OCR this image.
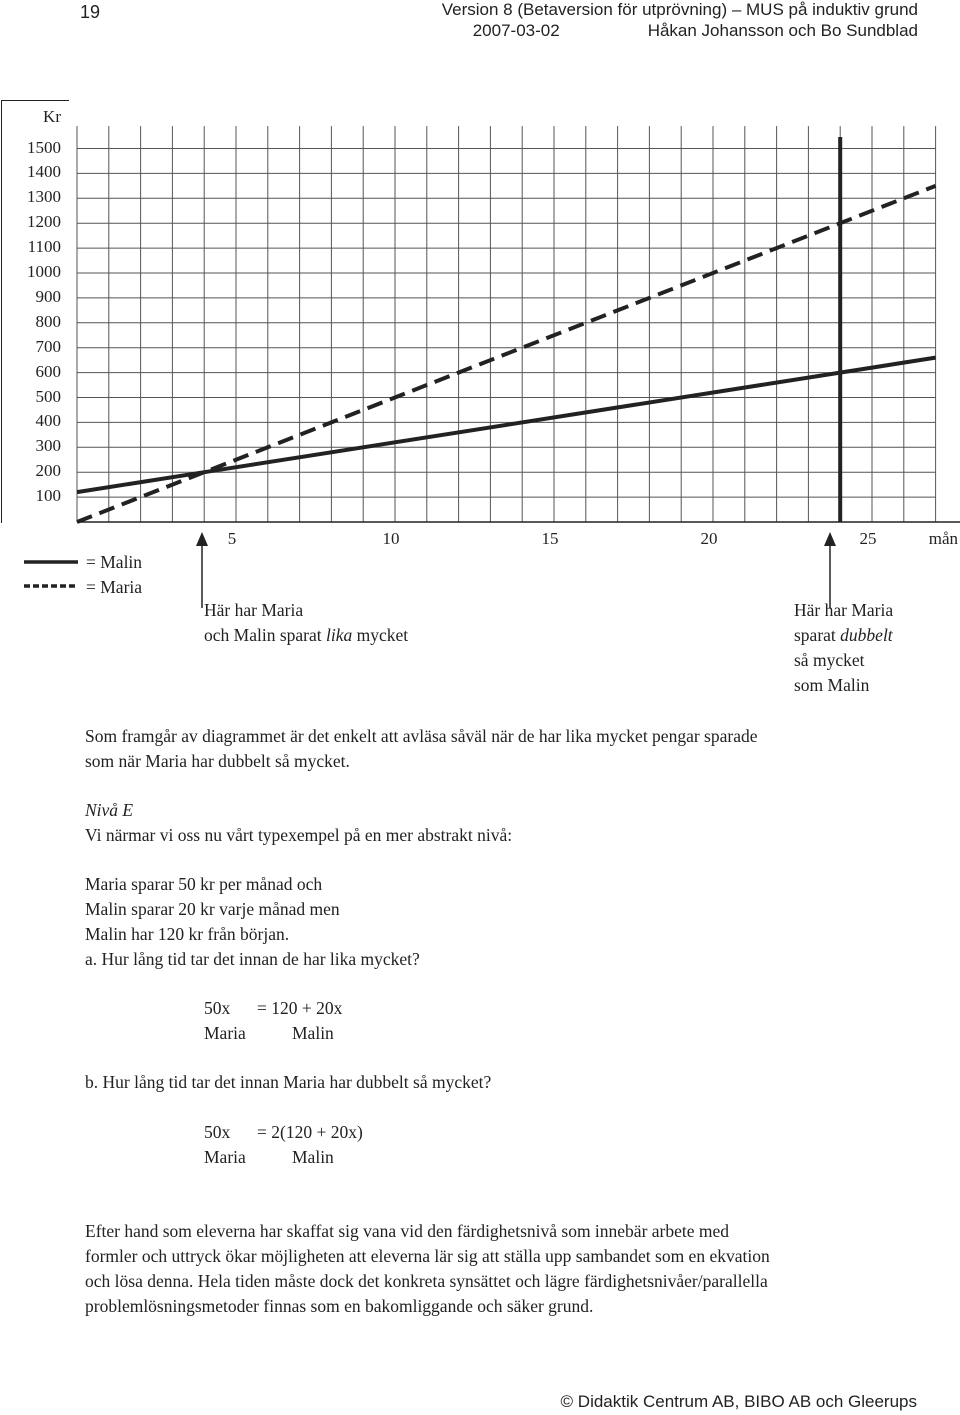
19	Version 8 (Betaversion för utprövning) – MUS på induktiv grund
2007-03-02	Håkan Johansson och Bo Sundblad
Kr
1500
1400
1300
1200
1100
1000
900
800
700
600
500
400
300
200
100
5	10	15	20	25	mån
= Malin
= Maria
Här har Maria
och Malin sparat lika mycket
Här har Maria
sparat dubbelt
så mycket
som Malin
Som framgår av diagrammet är det enkelt att avläsa såväl när de har lika mycket pengar sparade
som när Maria har dubbelt så mycket.
Nivå E
Vi närmar vi oss nu vårt typexempel på en mer abstrakt nivå:
Maria sparar 50 kr per månad och
Malin sparar 20 kr varje månad men
Malin har 120 kr från början.
a. Hur lång tid tar det innan de har lika mycket?
50x = 120 + 20x
Maria	Malin
b. Hur lång tid tar det innan Maria har dubbelt så mycket?
50x = 2(120 + 20x)
Maria	Malin
Efter hand som eleverna har skaffat sig vana vid den färdighetsnivå som innebär arbete med
formler och uttryck ökar möjligheten att eleverna lär sig att ställa upp sambandet som en ekvation
och lösa denna. Hela tiden måste dock det konkreta synsättet och lägre färdighetsnivåer/parallella
problemlösningsmetoder finnas som en bakomliggande och säker grund.
© Didaktik Centrum AB, BIBO AB och Gleerups
